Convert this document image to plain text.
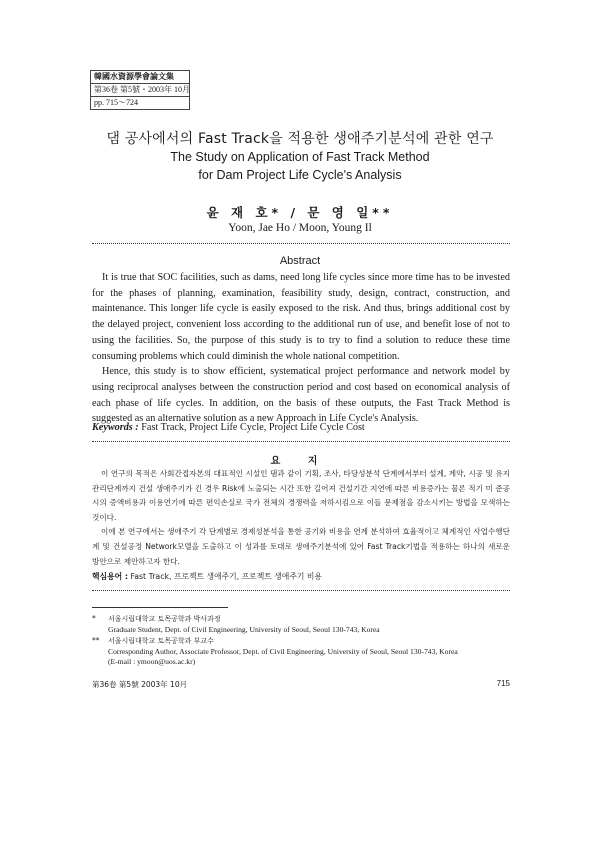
韓國水資源學會論文集
第36卷 第5號・2003年 10月
pp. 715～724
댐 공사에서의 Fast Track을 적용한 생애주기분석에 관한 연구
The Study on Application of Fast Track Method
for Dam Project Life Cycle's Analysis
윤 재 호* / 문 영 일**
Yoon, Jae Ho / Moon, Young Il
Abstract

It is true that SOC facilities, such as dams, need long life cycles since more time has to be invested for the phases of planning, examination, feasibility study, design, contract, construction, and maintenance. This longer life cycle is easily exposed to the risk. And thus, brings additional cost by the delayed project, convenient loss according to the additional run of use, and benefit lose of not to using the facilities. So, the purpose of this study is to try to find a solution to reduce these time consuming problems which could diminish the whole national competition.

Hence, this study is to show efficient, systematical project performance and network model by using reciprocal analyses between the construction period and cost based on economical analysis of each phase of life cycles. In addition, on the basis of these outputs, the Fast Track Method is suggested as an alternative solution as a new Approach in Life Cycle's Analysis.

Keywords : Fast Track, Project Life Cycle, Project Life Cycle Cost
요 지

이 연구의 목적은 사회간접자본의 대표적인 시설인 댐과 같이 기획, 조사, 타당성분석 단계에서부터 설계, 계약, 시공 및 유지관리단계까지 건설 생애주기가 긴 경우 Risk에 노출되는 시간 또한 길어져 건설기간 지연에 따른 비용증가는 물론 적기 미 준공시의 증액비용과 이용연기에 따른 편익손실로 국가 전체의 경쟁력을 저하시킴으로 이들 문제점을 감소시키는 방법을 모색하는 것이다.

이에 본 연구에서는 생애주기 각 단계별로 경제성분석을 통한 공기와 비용을 연계 분석하여 효율적이고 체계적인 사업수행단계 및 건설공정 Network모델을 도출하고 이 성과를 토대로 생애주기분석에 있어 Fast Track기법을 적용하는 하나의 새로운 방안으로 제안하고자 한다.

핵심용어 : Fast Track, 프로젝트 생애주기, 프로젝트 생애주기 비용
* 서울시립대학교 토목공학과 박사과정
Graduate Student, Dept. of Civil Engineering, University of Seoul, Seoul 130-743, Korea
** 서울시립대학교 토목공학과 부교수
Corresponding Author, Associate Professor, Dept. of Civil Engineering, University of Seoul, Seoul 130-743, Korea
(E-mail : ymoon@uos.ac.kr)
第36卷 第5號 2003年 10月	715
